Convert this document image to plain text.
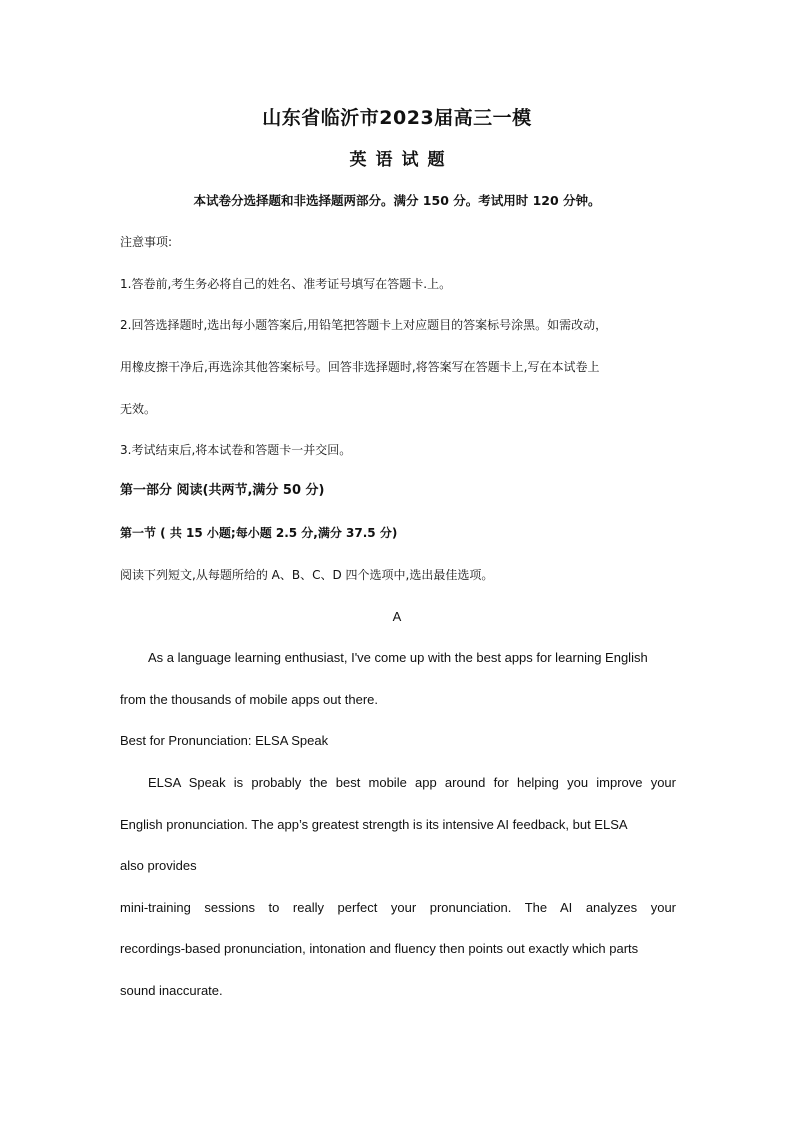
山东省临沂市2023届高三一模
英语试题
本试卷分选择题和非选择题两部分。满分 150 分。考试用时 120 分钟。
注意事项:
1.答卷前,考生务必将自己的姓名、准考证号填写在答题卡.上。
2.回答选择题时,选出每小题答案后,用铅笔把答题卡上对应题目的答案标号涂黑。如需改动，
用橡皮擦干净后,再选涂其他答案标号。回答非选择题时,将答案写在答题卡上,写在本试卷上
无效。
3.考试结束后,将本试卷和答题卡一并交回。
第一部分 阅读(共两节,满分 50 分)
第一节 ( 共 15 小题;每小题 2.5 分,满分 37.5 分)
阅读下列短文,从每题所给的 A、B、C、D 四个选项中,选出最佳选项。
A
As a language learning enthusiast, I've come up with the best apps for learning English
from the thousands of mobile apps out there.
Best for Pronunciation: ELSA Speak
ELSA Speak is probably the best mobile app around for helping you improve your
English pronunciation. The app’s greatest strength is its intensive AI feedback, but ELSA
also provides
mini-training sessions to really perfect your pronunciation. The AI analyzes your
recordings-based pronunciation, intonation and fluency then points out exactly which parts
sound inaccurate.
